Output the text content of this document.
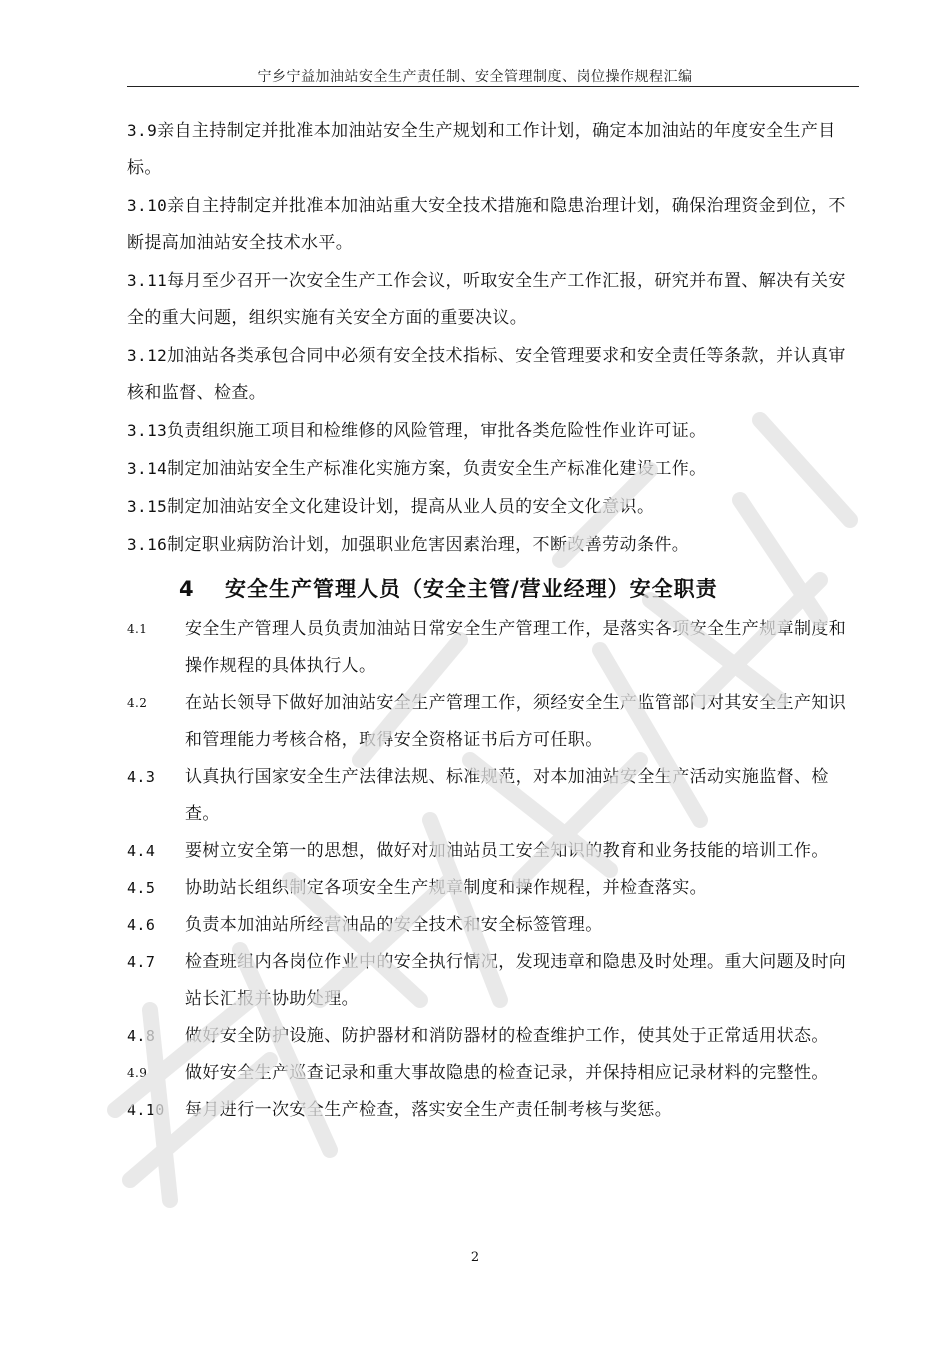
宁乡宁益加油站安全生产责任制、安全管理制度、岗位操作规程汇编

3.9亲自主持制定并批准本加油站安全生产规划和工作计划，确定本加油站的年度安全生产目标。

3.10亲自主持制定并批准本加油站重大安全技术措施和隐患治理计划，确保治理资金到位，不断提高加油站安全技术水平。

3.11每月至少召开一次安全生产工作会议，听取安全生产工作汇报，研究并布置、解决有关安全的重大问题，组织实施有关安全方面的重要决议。

3.12加油站各类承包合同中必须有安全技术指标、安全管理要求和安全责任等条款，并认真审核和监督、检查。

3.13负责组织施工项目和检维修的风险管理，审批各类危险性作业许可证。

3.14制定加油站安全生产标准化实施方案，负责安全生产标准化建设工作。

3.15制定加油站安全文化建设计划，提高从业人员的安全文化意识。

3.16制定职业病防治计划，加强职业危害因素治理，不断改善劳动条件。

4 安全生产管理人员（安全主管/营业经理）安全职责
4.1	安全生产管理人员负责加油站日常安全生产管理工作，是落实各项安全生产规章制度和操作规程的具体执行人。
4.2	在站长领导下做好加油站安全生产管理工作，须经安全生产监管部门对其安全生产知识和管理能力考核合格，取得安全资格证书后方可任职。
4.3	认真执行国家安全生产法律法规、标准规范，对本加油站安全生产活动实施监督、检查。
4.4	要树立安全第一的思想，做好对加油站员工安全知识的教育和业务技能的培训工作。
4.5	协助站长组织制定各项安全生产规章制度和操作规程，并检查落实。
4.6	负责本加油站所经营油品的安全技术和安全标签管理。
4.7	检查班组内各岗位作业中的安全执行情况，发现违章和隐患及时处理。重大问题及时向站长汇报并协助处理。
4.8	做好安全防护设施、防护器材和消防器材的检查维护工作，使其处于正常适用状态。
4.9	做好安全生产巡查记录和重大事故隐患的检查记录，并保持相应记录材料的完整性。
4.10	每月进行一次安全生产检查，落实安全生产责任制考核与奖惩。
2
